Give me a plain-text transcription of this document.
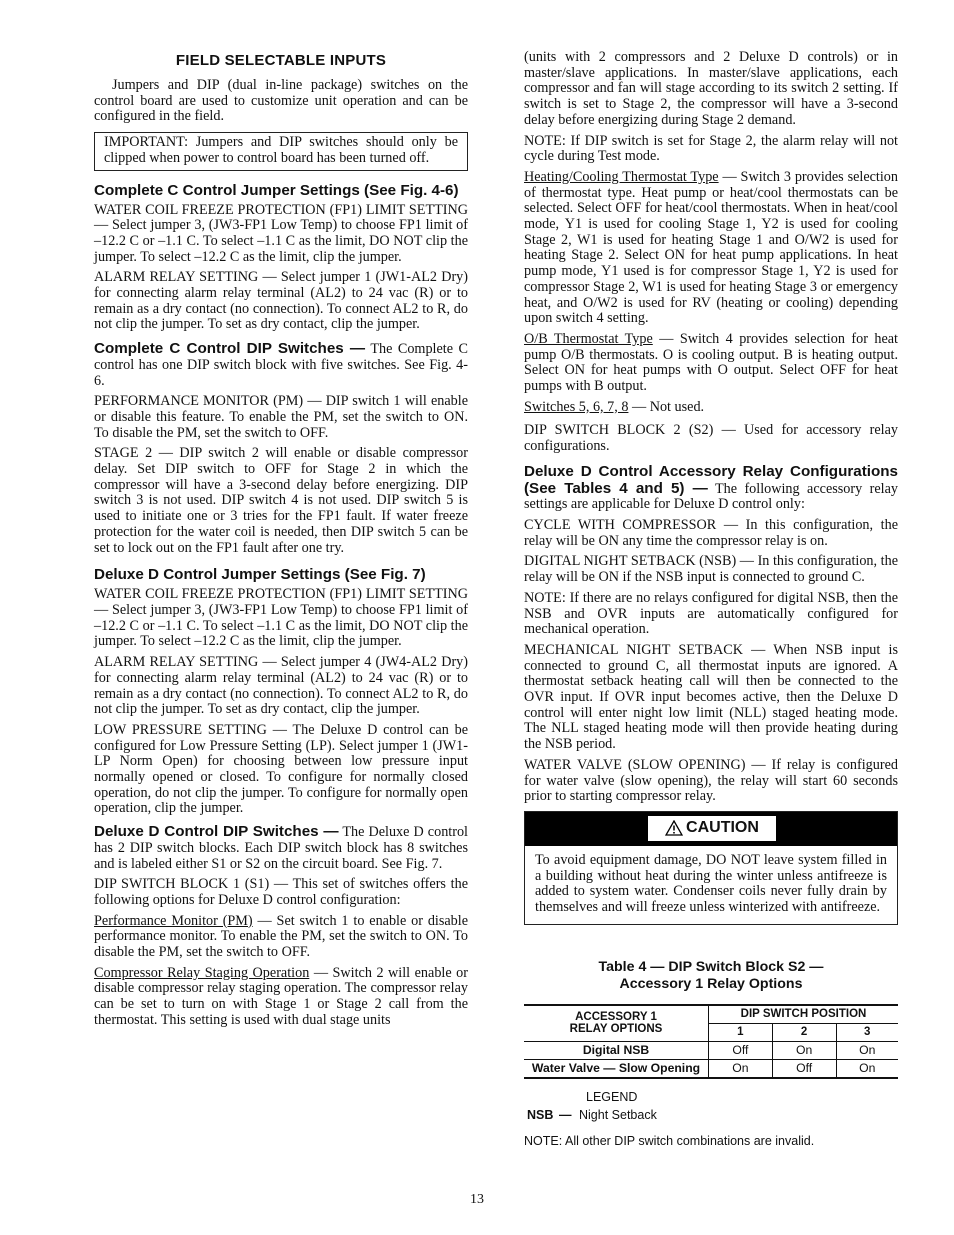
FIELD SELECTABLE INPUTS

Jumpers and DIP (dual in-line package) switches on the control board are used to customize unit operation and can be configured in the field.

IMPORTANT: Jumpers and DIP switches should only be clipped when power to control board has been turned off.

Complete C Control Jumper Settings (See Fig. 4-6)

WATER COIL FREEZE PROTECTION (FP1) LIMIT SETTING — Select jumper 3, (JW3-FP1 Low Temp) to choose FP1 limit of –12.2 C or –1.1 C. To select –1.1 C as the limit, DO NOT clip the jumper. To select –12.2 C as the limit, clip the jumper.

ALARM RELAY SETTING — Select jumper 1 (JW1-AL2 Dry) for connecting alarm relay terminal (AL2) to 24 vac (R) or to remain as a dry contact (no connection). To connect AL2 to R, do not clip the jumper. To set as dry contact, clip the jumper.

Complete C Control DIP Switches — The Complete C control has one DIP switch block with five switches. See Fig. 4-6.

PERFORMANCE MONITOR (PM) — DIP switch 1 will enable or disable this feature. To enable the PM, set the switch to ON. To disable the PM, set the switch to OFF.

STAGE 2 — DIP switch 2 will enable or disable compressor delay. Set DIP switch to OFF for Stage 2 in which the compressor will have a 3-second delay before energizing. DIP switch 3 is not used. DIP switch 4 is not used. DIP switch 5 is used to initiate one or 3 tries for the FP1 fault. If water freeze protection for the water coil is needed, then DIP switch 5 can be set to lock out on the FP1 fault after one try.

Deluxe D Control Jumper Settings (See Fig. 7)

WATER COIL FREEZE PROTECTION (FP1) LIMIT SETTING — Select jumper 3, (JW3-FP1 Low Temp) to choose FP1 limit of –12.2 C or –1.1 C. To select –1.1 C as the limit, DO NOT clip the jumper. To select –12.2 C as the limit, clip the jumper.

ALARM RELAY SETTING — Select jumper 4 (JW4-AL2 Dry) for connecting alarm relay terminal (AL2) to 24 vac (R) or to remain as a dry contact (no connection). To connect AL2 to R, do not clip the jumper. To set as dry contact, clip the jumper.

LOW PRESSURE SETTING — The Deluxe D control can be configured for Low Pressure Setting (LP). Select jumper 1 (JW1-LP Norm Open) for choosing between low pressure input normally opened or closed. To configure for normally closed operation, do not clip the jumper. To configure for normally open operation, clip the jumper.

Deluxe D Control DIP Switches — The Deluxe D control has 2 DIP switch blocks. Each DIP switch block has 8 switches and is labeled either S1 or S2 on the circuit board. See Fig. 7.

DIP SWITCH BLOCK 1 (S1) — This set of switches offers the following options for Deluxe D control configuration:

Performance Monitor (PM) — Set switch 1 to enable or disable performance monitor. To enable the PM, set the switch to ON. To disable the PM, set the switch to OFF.

Compressor Relay Staging Operation — Switch 2 will enable or disable compressor relay staging operation. The compressor relay can be set to turn on with Stage 1 or Stage 2 call from the thermostat. This setting is used with dual stage units

(units with 2 compressors and 2 Deluxe D controls) or in master/slave applications. In master/slave applications, each compressor and fan will stage according to its switch 2 setting. If switch is set to Stage 2, the compressor will have a 3-second delay before energizing during Stage 2 demand.

NOTE: If DIP switch is set for Stage 2, the alarm relay will not cycle during Test mode.

Heating/Cooling Thermostat Type — Switch 3 provides selection of thermostat type. Heat pump or heat/cool thermostats can be selected. Select OFF for heat/cool thermostats. When in heat/cool mode, Y1 is used for cooling Stage 1, Y2 is used for cooling Stage 2, W1 is used for heating Stage 1 and O/W2 is used for heating Stage 2. Select ON for heat pump applications. In heat pump mode, Y1 used is for compressor Stage 1, Y2 is used for compressor Stage 2, W1 is used for heating Stage 3 or emergency heat, and O/W2 is used for RV (heating or cooling) depending upon switch 4 setting.

O/B Thermostat Type — Switch 4 provides selection for heat pump O/B thermostats. O is cooling output. B is heating output. Select ON for heat pumps with O output. Select OFF for heat pumps with B output.

Switches 5, 6, 7, 8 — Not used.

DIP SWITCH BLOCK 2 (S2) — Used for accessory relay configurations.

Deluxe D Control Accessory Relay Configurations (See Tables 4 and 5) — The following accessory relay settings are applicable for Deluxe D control only:

CYCLE WITH COMPRESSOR — In this configuration, the relay will be ON any time the compressor relay is on.

DIGITAL NIGHT SETBACK (NSB) — In this configuration, the relay will be ON if the NSB input is connected to ground C.

NOTE: If there are no relays configured for digital NSB, then the NSB and OVR inputs are automatically configured for mechanical operation.

MECHANICAL NIGHT SETBACK — When NSB input is connected to ground C, all thermostat inputs are ignored. A thermostat setback heating call will then be connected to the OVR input. If OVR input becomes active, then the Deluxe D control will enter night low limit (NLL) staged heating mode. The NLL staged heating mode will then provide heating during the NSB period.

WATER VALVE (SLOW OPENING) — If relay is configured for water valve (slow opening), the relay will start 60 seconds prior to starting compressor relay.

CAUTION

To avoid equipment damage, DO NOT leave system filled in a building without heat during the winter unless antifreeze is added to system water. Condenser coils never fully drain by themselves and will freeze unless winterized with antifreeze.

Table 4 — DIP Switch Block S2 —
Accessory 1 Relay Options
ACCESSORY 1
RELAY OPTIONS	DIP SWITCH POSITION		
	1	2	3
Digital NSB	Off	On	On
Water Valve — Slow Opening	On	Off	On
LEGEND
NSB — Night Setback
NOTE: All other DIP switch combinations are invalid.
13
